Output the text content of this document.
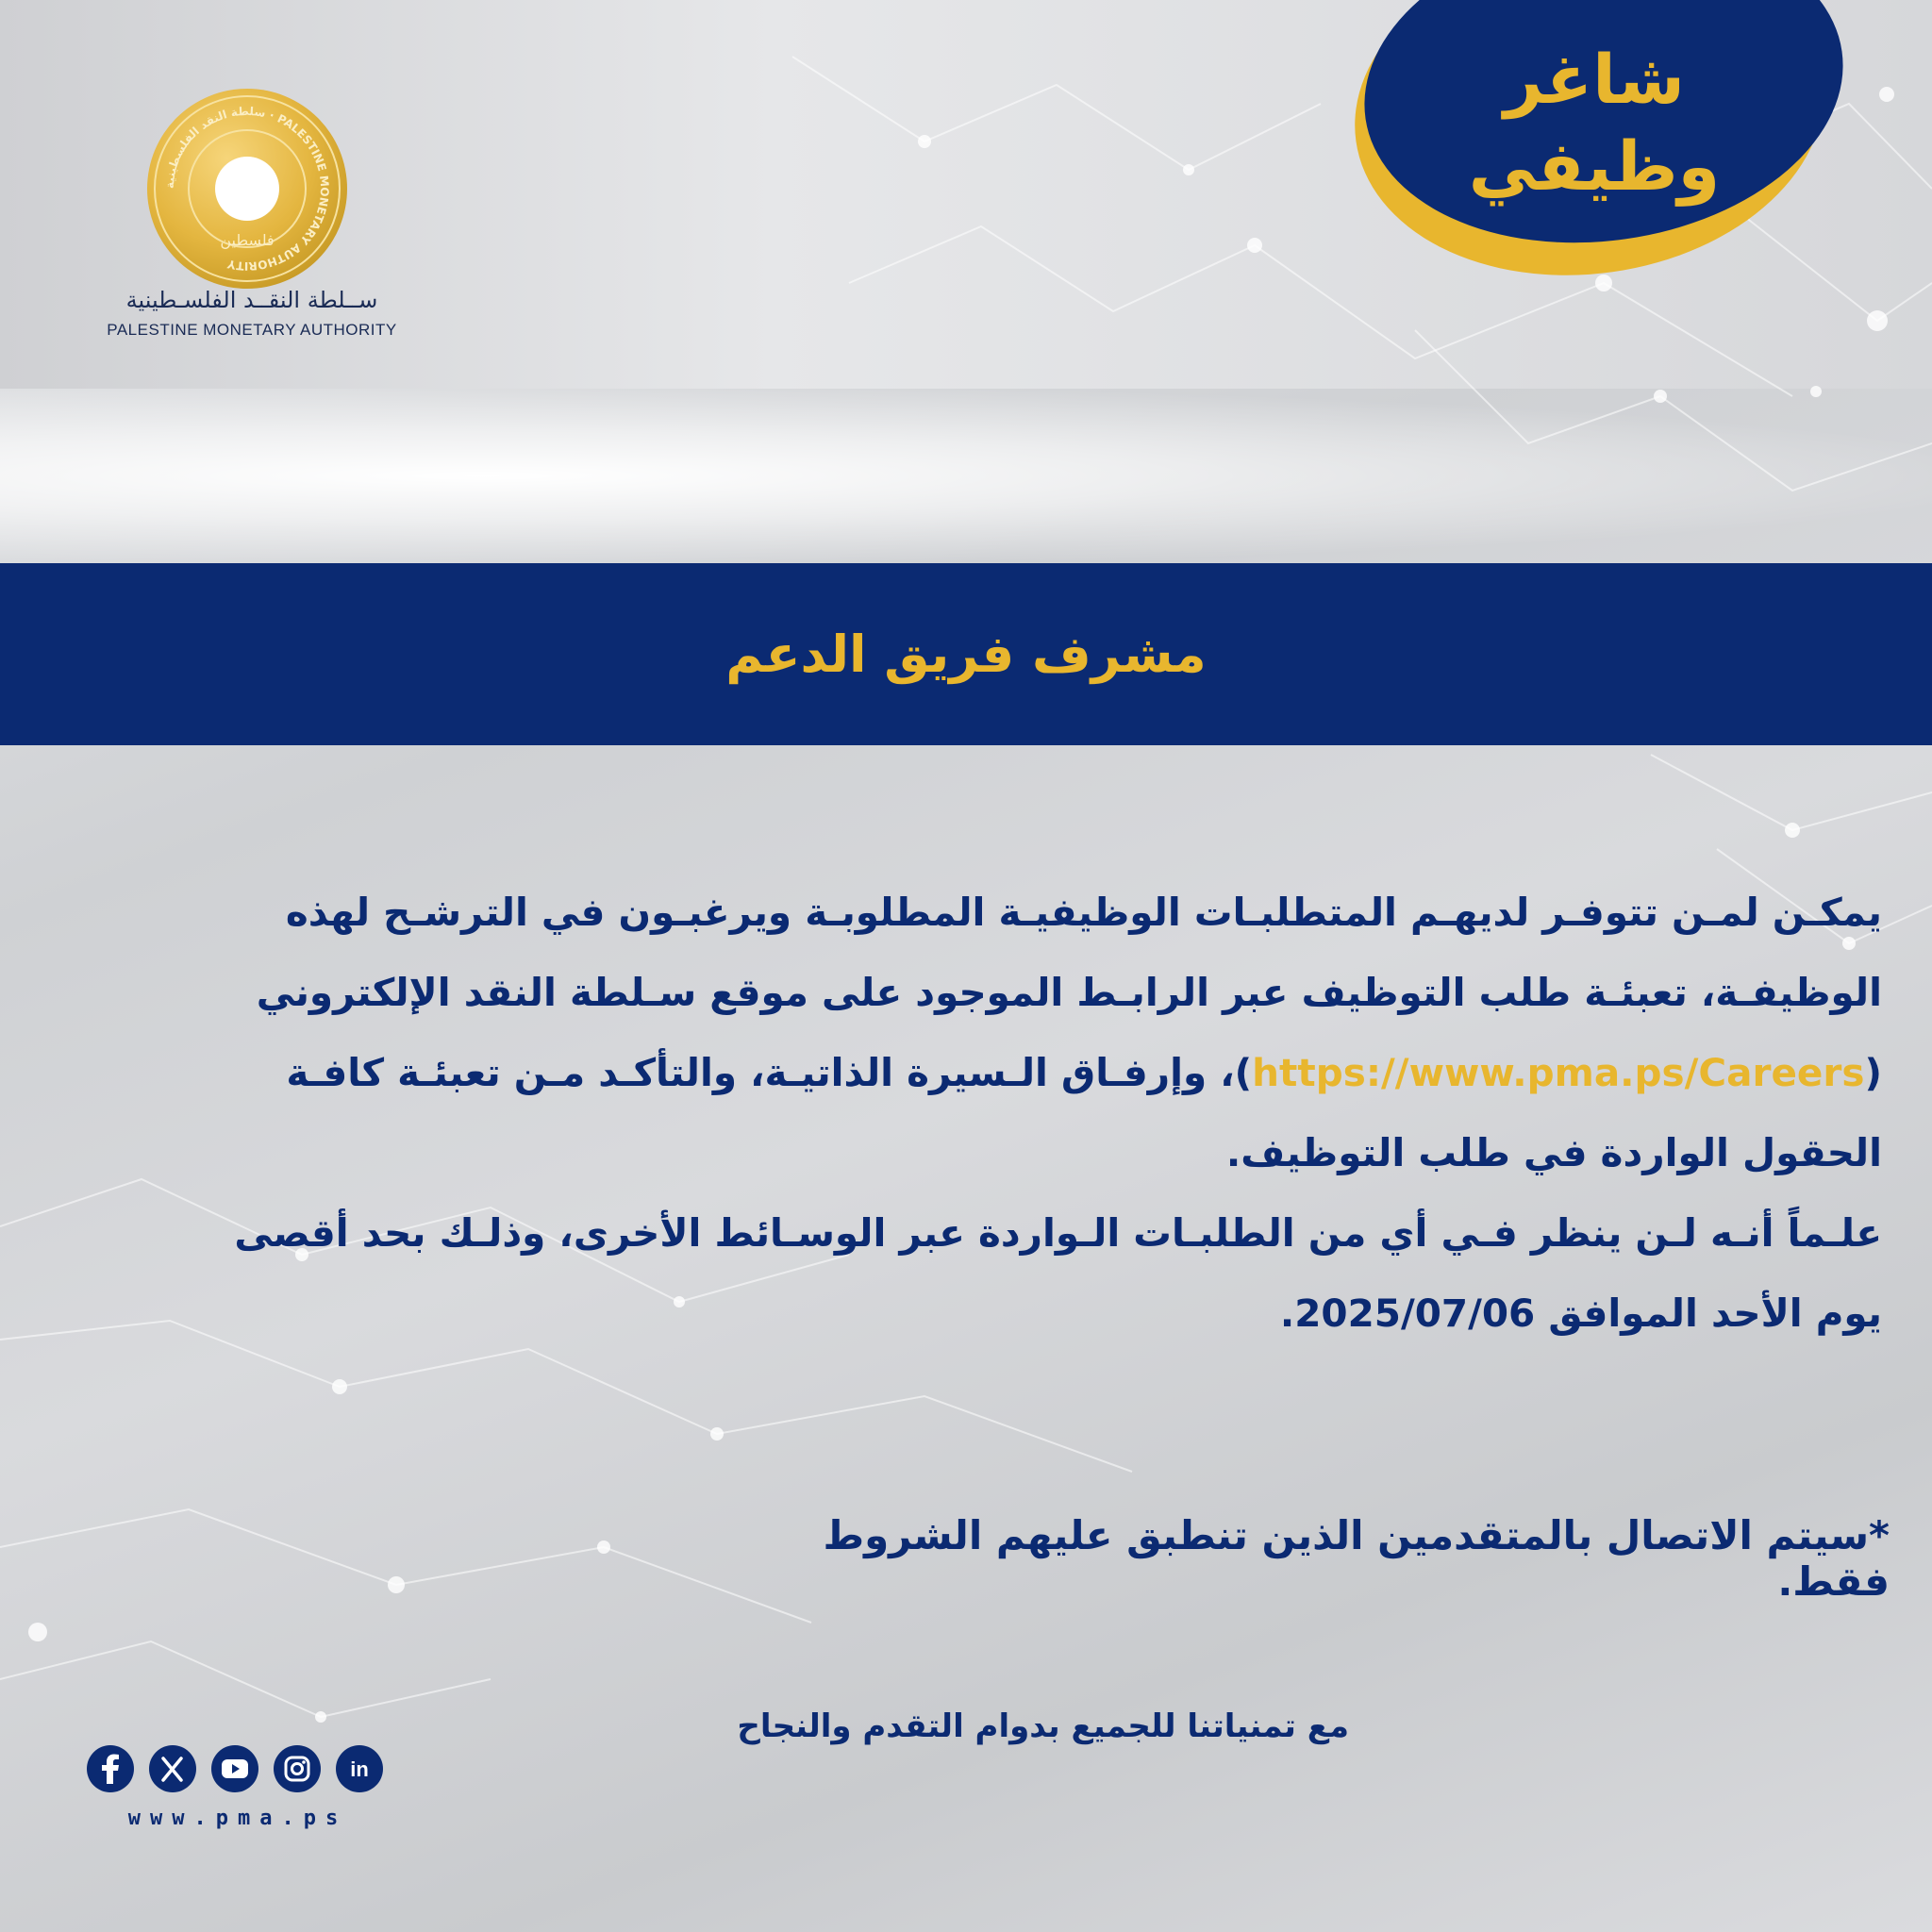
سلطة النقد الفلسطينية · PALESTINE MONETARY AUTHORITY
فلسطين
ســلطة النقــد الفلسـطينية
PALESTINE MONETARY AUTHORITY
شاغر
وظيفي
مشرف فريق الدعم
يمكـن لمـن تتوفـر لديهـم المتطلبـات الوظيفيـة المطلوبـة ويرغبـون في الترشـح لهذه
الوظيفـة، تعبئـة طلب التوظيف عبر الرابـط الموجود على موقع سـلطة النقد الإلكتروني
(https://www.pma.ps/Careers)، وإرفـاق الـسيرة الذاتيـة، والتأكـد مـن تعبئـة كافـة
الحقول الواردة في طلب التوظيف.
علـماً أنـه لـن ينظر فـي أي من الطلبـات الـواردة عبر الوسـائط الأخرى، وذلـك بحد أقصى
يوم الأحد الموافق 2025/07/06.
*سيتم الاتصال بالمتقدمين الذين تنطبق عليهم الشروط فقط.
مع تمنياتنا للجميع بدوام التقدم والنجاح
in
www.pma.ps
